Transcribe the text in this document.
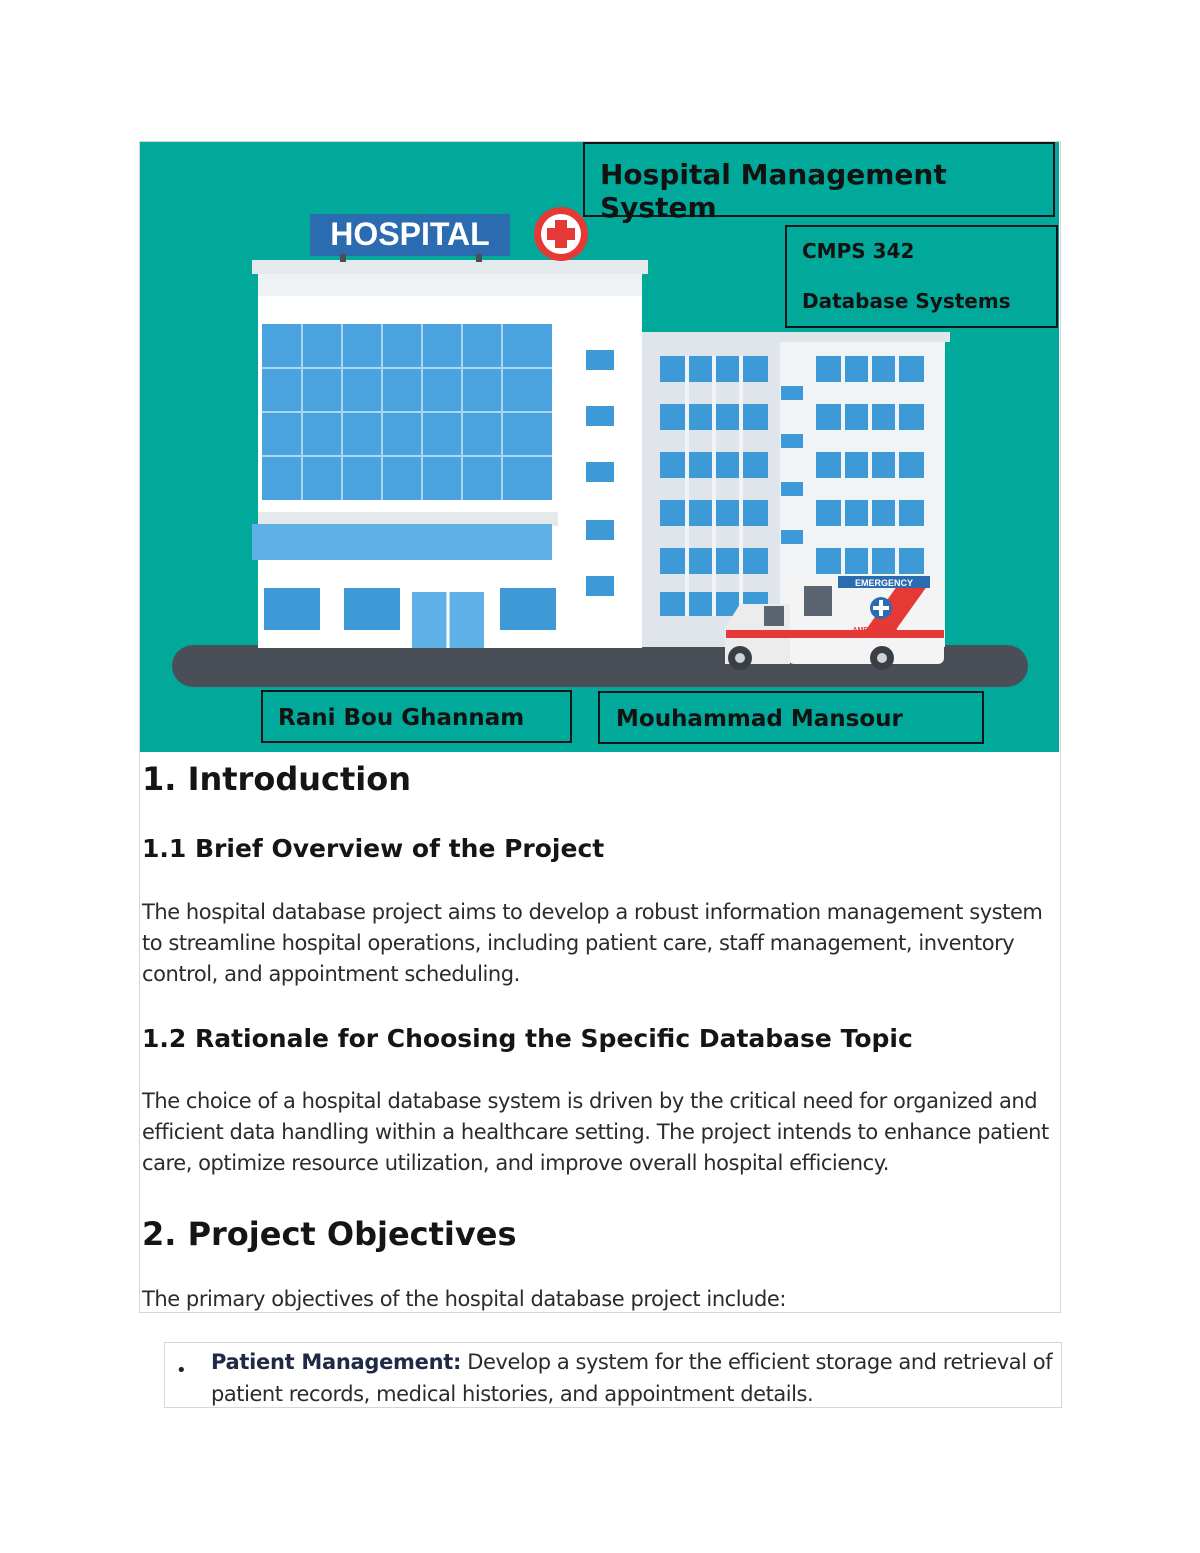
HOSPITAL
EMERGENCY
AMBULANCE
Hospital Management System
CMPS 342
Database Systems
Rani Bou Ghannam	Mouhammad Mansour
1. Introduction
1.1 Brief Overview of the Project
The hospital database project aims to develop a robust information management system to streamline hospital operations, including patient care, staff management, inventory control, and appointment scheduling.
1.2 Rationale for Choosing the Specific Database Topic
The choice of a hospital database system is driven by the critical need for organized and efficient data handling within a healthcare setting. The project intends to enhance patient care, optimize resource utilization, and improve overall hospital efficiency.
2. Project Objectives
The primary objectives of the hospital database project include:
• Patient Management: Develop a system for the efficient storage and retrieval of patient records, medical histories, and appointment details.
